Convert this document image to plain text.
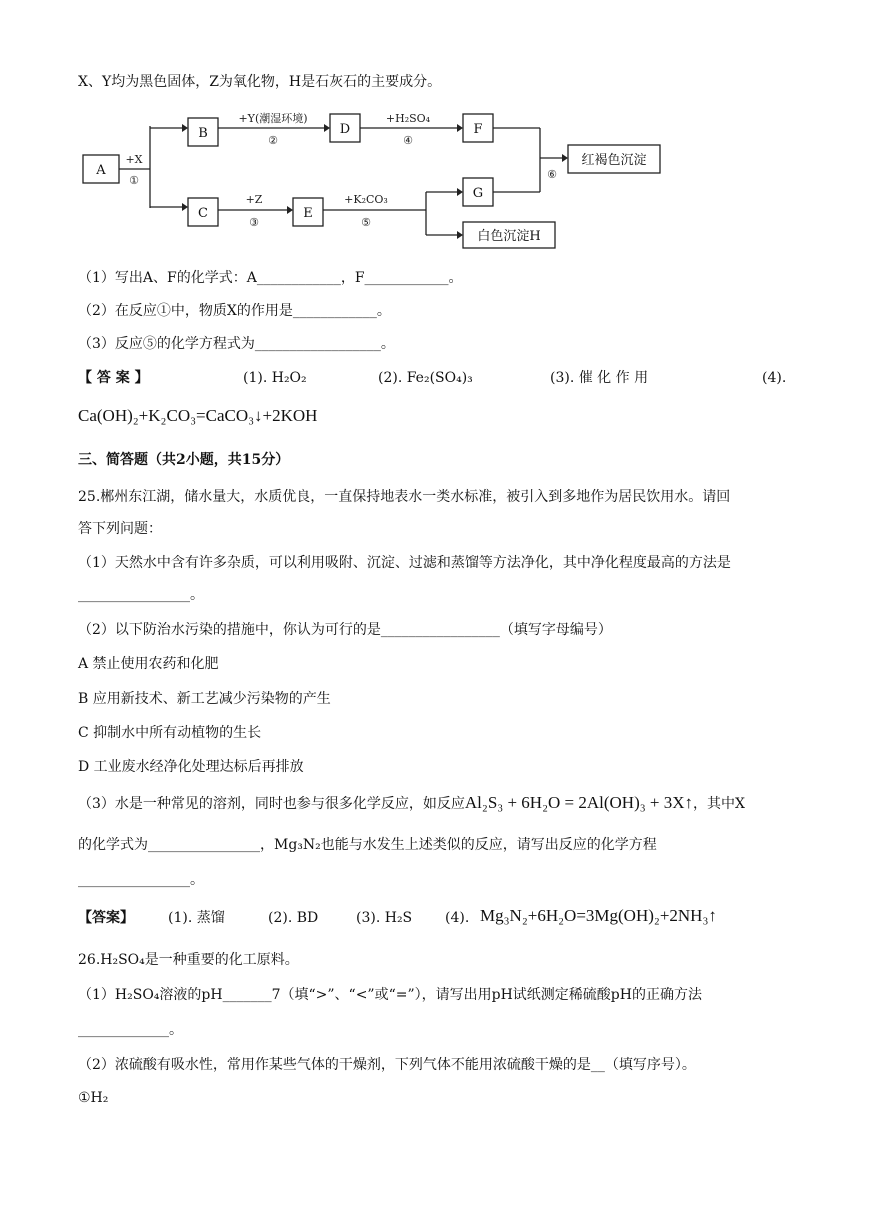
X、Y均为黑色固体，Z为氧化物，H是石灰石的主要成分。
A
B
C
D
E
F
G
红褐色沉淀
白色沉淀H
+X
①
+Y(潮湿环境)
②
+H₂SO₄
④
+Z
③
+K₂CO₃
⑤
⑥
（1）写出A、F的化学式：A____________，F____________。
（2）在反应①中，物质X的作用是____________。
（3）反应⑤的化学方程式为__________________。
【 答 案 】	(1). H₂O₂	(2). Fe₂(SO₄)₃	(3). 催 化 作 用	(4).
Ca(OH)₂+K₂CO₃=CaCO₃↓+2KOH
三、简答题（共2小题，共15分）
25.郴州东江湖，储水量大，水质优良，一直保持地表水一类水标准，被引入到多地作为居民饮用水。请回
答下列问题：
（1）天然水中含有许多杂质，可以利用吸附、沉淀、过滤和蒸馏等方法净化，其中净化程度最高的方法是
________________。
（2）以下防治水污染的措施中，你认为可行的是_________________（填写字母编号）
A 禁止使用农药和化肥
B 应用新技术、新工艺减少污染物的产生
C 抑制水中所有动植物的生长
D 工业废水经净化处理达标后再排放
（3）水是一种常见的溶剂，同时也参与很多化学反应，如反应Al₂S₃ + 6H₂O = 2Al(OH)₃ + 3X↑，其中X
的化学式为________________，Mg₃N₂也能与水发生上述类似的反应，请写出反应的化学方程
________________。
【答案】 (1). 蒸馏	(2). BD	(3). H₂S (4). Mg₃N₂+6H₂O=3Mg(OH)₂+2NH₃↑
26.H₂SO₄是一种重要的化工原料。
（1）H₂SO₄溶液的pH_______7（填“>”、“<”或“=”），请写出用pH试纸测定稀硫酸pH的正确方法
_____________。
（2）浓硫酸有吸水性，常用作某些气体的干燥剂，下列气体不能用浓硫酸干燥的是__（填写序号）。
①H₂
